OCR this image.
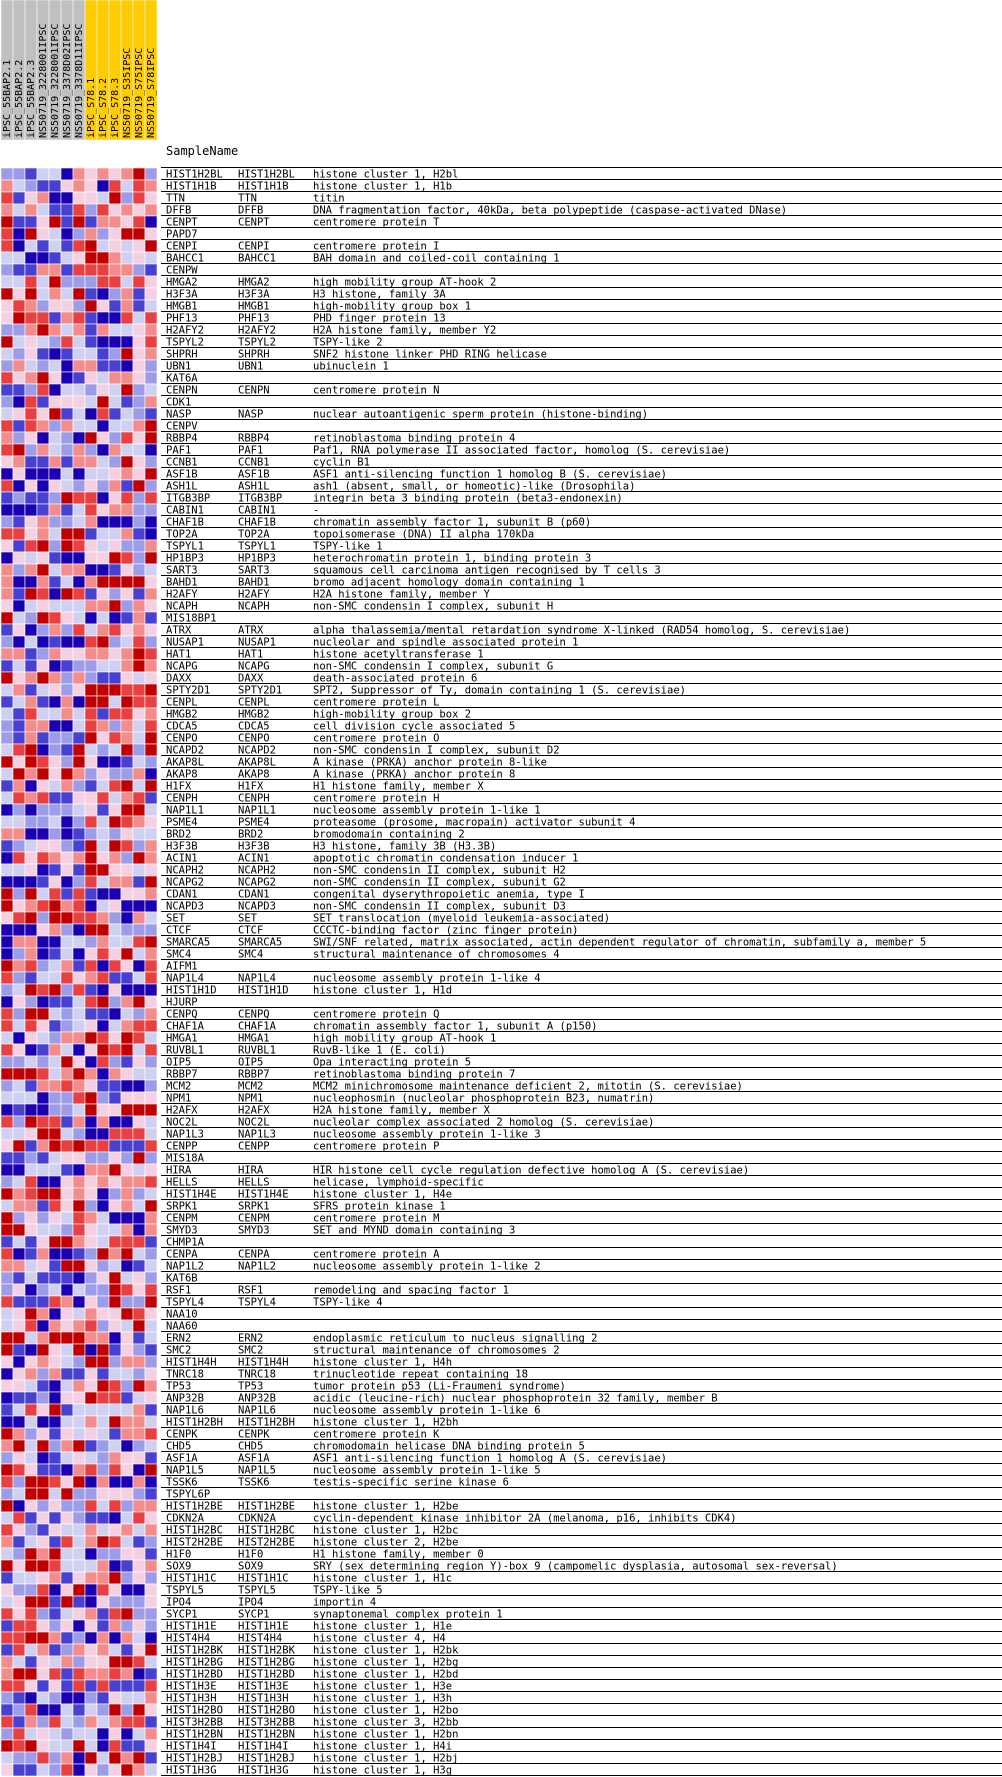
iPSC_55BAP2.1 iPSC_55BAP2.2 iPSC_55BAP2.3 NS50719_3228001IPSC NS50719_3228001IPSC NS50719_3378D02IPSC NS50719_3378D11IPSC iPSC_S78.1 iPSC_S78.2 iPSC_S78.3 NS50719_S35IPSC NS50719_S75IPSC NS50719_S78IPSC
SampleName
HIST1H2BL HIST1H2BL histone cluster 1, H2bl
HIST1H1B HIST1H1B histone cluster 1, H1b
TTN	TTN	titin
DFFB	DFFB	DNA fragmentation factor, 40kDa, beta polypeptide (caspase-activated DNase)
CENPT	CENPT	centromere protein T
PAPD7
CENPI	CENPI	centromere protein I
BAHCC1	BAHCC1	BAH domain and coiled-coil containing 1
CENPW
HMGA2	HMGA2	high mobility group AT-hook 2
H3F3A	H3F3A	H3 histone, family 3A
HMGB1	HMGB1	high-mobility group box 1
PHF13	PHF13	PHD finger protein 13
H2AFY2	H2AFY2	H2A histone family, member Y2
TSPYL2	TSPYL2	TSPY-like 2
SHPRH	SHPRH	SNF2 histone linker PHD RING helicase
UBN1	UBN1	ubinuclein 1
KAT6A
CENPN	CENPN	centromere protein N
CDK1
NASP	NASP	nuclear autoantigenic sperm protein (histone-binding)
CENPV
RBBP4	RBBP4	retinoblastoma binding protein 4
PAF1	PAF1	Paf1, RNA polymerase II associated factor, homolog (S. cerevisiae)
CCNB1	CCNB1	cyclin B1
ASF1B	ASF1B	ASF1 anti-silencing function 1 homolog B (S. cerevisiae)
ASH1L	ASH1L	ash1 (absent, small, or homeotic)-like (Drosophila)
ITGB3BP	ITGB3BP	integrin beta 3 binding protein (beta3-endonexin)
CABIN1	CABIN1	-
CHAF1B	CHAF1B	chromatin assembly factor 1, subunit B (p60)
TOP2A	TOP2A	topoisomerase (DNA) II alpha 170kDa
TSPYL1	TSPYL1	TSPY-like 1
HP1BP3	HP1BP3	heterochromatin protein 1, binding protein 3
SART3	SART3	squamous cell carcinoma antigen recognised by T cells 3
BAHD1	BAHD1	bromo adjacent homology domain containing 1
H2AFY	H2AFY	H2A histone family, member Y
NCAPH	NCAPH	non-SMC condensin I complex, subunit H
MIS18BP1
ATRX	ATRX	alpha thalassemia/mental retardation syndrome X-linked (RAD54 homolog, S. cerevisiae)
NUSAP1	NUSAP1	nucleolar and spindle associated protein 1
HAT1	HAT1	histone acetyltransferase 1
NCAPG	NCAPG	non-SMC condensin I complex, subunit G
DAXX	DAXX	death-associated protein 6
SPTY2D1	SPTY2D1	SPT2, Suppressor of Ty, domain containing 1 (S. cerevisiae)
CENPL	CENPL	centromere protein L
HMGB2	HMGB2	high-mobility group box 2
CDCA5	CDCA5	cell division cycle associated 5
CENPO	CENPO	centromere protein O
NCAPD2	NCAPD2	non-SMC condensin I complex, subunit D2
AKAP8L	AKAP8L	A kinase (PRKA) anchor protein 8-like
AKAP8	AKAP8	A kinase (PRKA) anchor protein 8
H1FX	H1FX	H1 histone family, member X
CENPH	CENPH	centromere protein H
NAP1L1	NAP1L1	nucleosome assembly protein 1-like 1
PSME4	PSME4	proteasome (prosome, macropain) activator subunit 4
BRD2	BRD2	bromodomain containing 2
H3F3B	H3F3B	H3 histone, family 3B (H3.3B)
ACIN1	ACIN1	apoptotic chromatin condensation inducer 1
NCAPH2	NCAPH2	non-SMC condensin II complex, subunit H2
NCAPG2	NCAPG2	non-SMC condensin II complex, subunit G2
CDAN1	CDAN1	congenital dyserythropoietic anemia, type I
NCAPD3	NCAPD3	non-SMC condensin II complex, subunit D3
SET	SET	SET translocation (myeloid leukemia-associated)
CTCF	CTCF	CCCTC-binding factor (zinc finger protein)
SMARCA5	SMARCA5	SWI/SNF related, matrix associated, actin dependent regulator of chromatin, subfamily a, member 5
SMC4	SMC4	structural maintenance of chromosomes 4
AIFM1
NAP1L4	NAP1L4	nucleosome assembly protein 1-like 4
HIST1H1D HIST1H1D histone cluster 1, H1d
HJURP
CENPQ	CENPQ	centromere protein Q
CHAF1A	CHAF1A	chromatin assembly factor 1, subunit A (p150)
HMGA1	HMGA1	high mobility group AT-hook 1
RUVBL1	RUVBL1	RuvB-like 1 (E. coli)
OIP5	OIP5	Opa interacting protein 5
RBBP7	RBBP7	retinoblastoma binding protein 7
MCM2	MCM2	MCM2 minichromosome maintenance deficient 2, mitotin (S. cerevisiae)
NPM1	NPM1	nucleophosmin (nucleolar phosphoprotein B23, numatrin)
H2AFX	H2AFX	H2A histone family, member X
NOC2L	NOC2L	nucleolar complex associated 2 homolog (S. cerevisiae)
NAP1L3	NAP1L3	nucleosome assembly protein 1-like 3
CENPP	CENPP	centromere protein P
MIS18A
HIRA	HIRA	HIR histone cell cycle regulation defective homolog A (S. cerevisiae)
HELLS	HELLS	helicase, lymphoid-specific
HIST1H4E HIST1H4E histone cluster 1, H4e
SRPK1	SRPK1	SFRS protein kinase 1
CENPM	CENPM	centromere protein M
SMYD3	SMYD3	SET and MYND domain containing 3
CHMP1A
CENPA	CENPA	centromere protein A
NAP1L2	NAP1L2	nucleosome assembly protein 1-like 2
KAT6B
RSF1	RSF1	remodeling and spacing factor 1
TSPYL4	TSPYL4	TSPY-like 4
NAA10
NAA60
ERN2	ERN2	endoplasmic reticulum to nucleus signalling 2
SMC2	SMC2	structural maintenance of chromosomes 2
HIST1H4H HIST1H4H histone cluster 1, H4h
TNRC18	TNRC18	trinucleotide repeat containing 18
TP53	TP53	tumor protein p53 (Li-Fraumeni syndrome)
ANP32B	ANP32B	acidic (leucine-rich) nuclear phosphoprotein 32 family, member B
NAP1L6	NAP1L6	nucleosome assembly protein 1-like 6
HIST1H2BH HIST1H2BH histone cluster 1, H2bh
CENPK	CENPK	centromere protein K
CHD5	CHD5	chromodomain helicase DNA binding protein 5
ASF1A	ASF1A	ASF1 anti-silencing function 1 homolog A (S. cerevisiae)
NAP1L5	NAP1L5	nucleosome assembly protein 1-like 5
TSSK6	TSSK6	testis-specific serine kinase 6
TSPYL6P
HIST1H2BE HIST1H2BE histone cluster 1, H2be
CDKN2A	CDKN2A	cyclin-dependent kinase inhibitor 2A (melanoma, p16, inhibits CDK4)
HIST1H2BC HIST1H2BC histone cluster 1, H2bc
HIST2H2BE HIST2H2BE histone cluster 2, H2be
H1F0	H1F0	H1 histone family, member 0
SOX9	SOX9	SRY (sex determining region Y)-box 9 (campomelic dysplasia, autosomal sex-reversal)
HIST1H1C HIST1H1C histone cluster 1, H1c
TSPYL5	TSPYL5	TSPY-like 5
IPO4	IPO4	importin 4
SYCP1	SYCP1	synaptonemal complex protein 1
HIST1H1E HIST1H1E histone cluster 1, H1e
HIST4H4	HIST4H4	histone cluster 4, H4
HIST1H2BK HIST1H2BK histone cluster 1, H2bk
HIST1H2BG HIST1H2BG histone cluster 1, H2bg
HIST1H2BD HIST1H2BD histone cluster 1, H2bd
HIST1H3E HIST1H3E histone cluster 1, H3e
HIST1H3H HIST1H3H histone cluster 1, H3h
HIST1H2BO HIST1H2BO histone cluster 1, H2bo
HIST3H2BB HIST3H2BB histone cluster 3, H2bb
HIST1H2BN HIST1H2BN histone cluster 1, H2bn
HIST1H4I HIST1H4I histone cluster 1, H4i
HIST1H2BJ HIST1H2BJ histone cluster 1, H2bj
HIST1H3G HIST1H3G histone cluster 1, H3g
